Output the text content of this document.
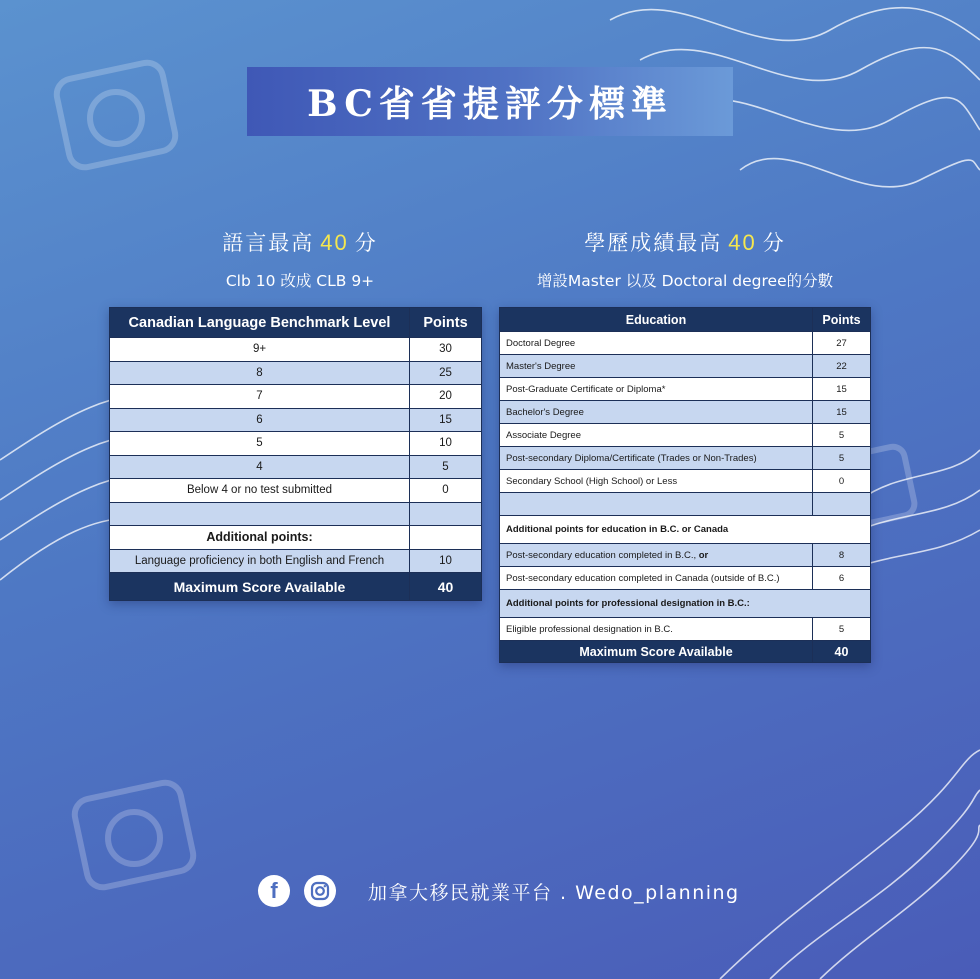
BC省省提評分標準
語言最高 40 分
Clb 10 改成 CLB 9+
學歷成績最高 40 分
增設Master 以及 Doctoral degree的分數
Canadian Language Benchmark Level	Points
9+	30
8	25
7	20
6	15
5	10
4	5
Below 4 or no test submitted	0

Additional points:	
Language proficiency in both English and French	10
Maximum Score Available	40
Education	Points
Doctoral Degree	27
Master's Degree	22
Post-Graduate Certificate or Diploma*	15
Bachelor's Degree	15
Associate Degree	5
Post-secondary Diploma/Certificate (Trades or Non-Trades)	5
Secondary School (High School) or Less	0

Additional points for education in B.C. or Canada	
Post-secondary education completed in B.C., or	8
Post-secondary education completed in Canada (outside of B.C.)	6
Additional points for professional designation in B.C.:	
Eligible professional designation in B.C.	5
Maximum Score Available	40
f	加拿大移民就業平台 . Wedo_planning
